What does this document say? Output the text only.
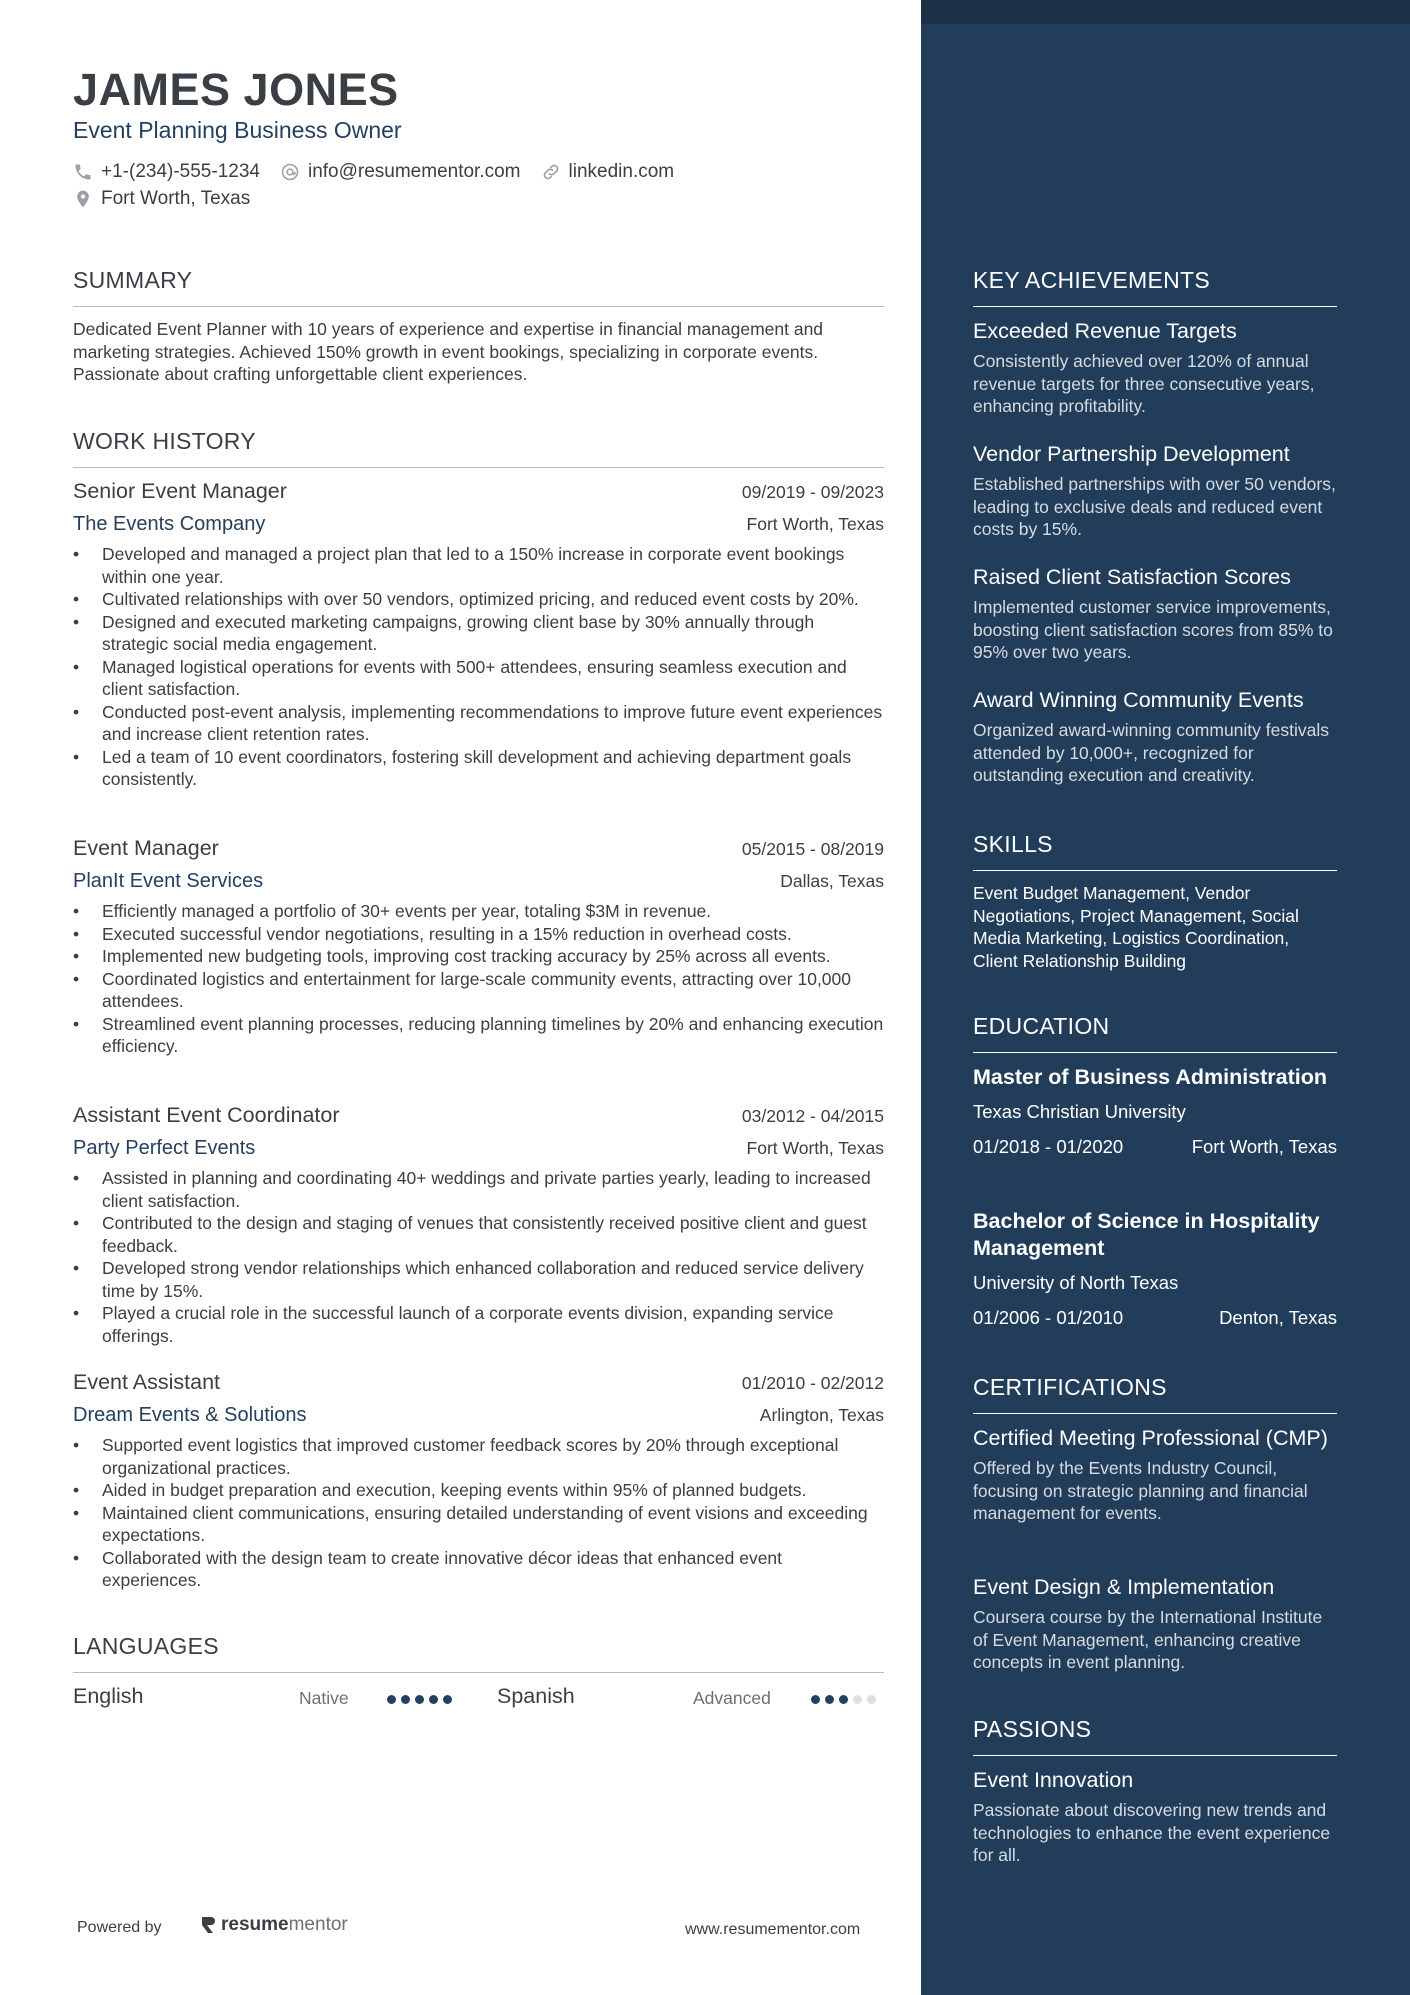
JAMES JONES
Event Planning Business Owner
+1-(234)-555-1234	info@resumementor.com	linkedin.com
Fort Worth, Texas
SUMMARY
Dedicated Event Planner with 10 years of experience and expertise in financial management and marketing strategies. Achieved 150% growth in event bookings, specializing in corporate events. Passionate about crafting unforgettable client experiences.
WORK HISTORY
Senior Event Manager	09/2019 - 09/2023
The Events Company	Fort Worth, Texas
• Developed and managed a project plan that led to a 150% increase in corporate event bookings within one year.
• Cultivated relationships with over 50 vendors, optimized pricing, and reduced event costs by 20%.
• Designed and executed marketing campaigns, growing client base by 30% annually through strategic social media engagement.
• Managed logistical operations for events with 500+ attendees, ensuring seamless execution and client satisfaction.
• Conducted post-event analysis, implementing recommendations to improve future event experiences and increase client retention rates.
• Led a team of 10 event coordinators, fostering skill development and achieving department goals consistently.
Event Manager	05/2015 - 08/2019
PlanIt Event Services	Dallas, Texas
• Efficiently managed a portfolio of 30+ events per year, totaling $3M in revenue.
• Executed successful vendor negotiations, resulting in a 15% reduction in overhead costs.
• Implemented new budgeting tools, improving cost tracking accuracy by 25% across all events.
• Coordinated logistics and entertainment for large-scale community events, attracting over 10,000 attendees.
• Streamlined event planning processes, reducing planning timelines by 20% and enhancing execution efficiency.
Assistant Event Coordinator	03/2012 - 04/2015
Party Perfect Events	Fort Worth, Texas
• Assisted in planning and coordinating 40+ weddings and private parties yearly, leading to increased client satisfaction.
• Contributed to the design and staging of venues that consistently received positive client and guest feedback.
• Developed strong vendor relationships which enhanced collaboration and reduced service delivery time by 15%.
• Played a crucial role in the successful launch of a corporate events division, expanding service offerings.
Event Assistant	01/2010 - 02/2012
Dream Events & Solutions	Arlington, Texas
• Supported event logistics that improved customer feedback scores by 20% through exceptional organizational practices.
• Aided in budget preparation and execution, keeping events within 95% of planned budgets.
• Maintained client communications, ensuring detailed understanding of event visions and exceeding expectations.
• Collaborated with the design team to create innovative décor ideas that enhanced event experiences.
LANGUAGES
English	Native	Spanish	Advanced
Powered by	resume mentor	www.resumementor.com
KEY ACHIEVEMENTS
Exceeded Revenue Targets
Consistently achieved over 120% of annual revenue targets for three consecutive years, enhancing profitability.
Vendor Partnership Development
Established partnerships with over 50 vendors, leading to exclusive deals and reduced event costs by 15%.
Raised Client Satisfaction Scores
Implemented customer service improvements, boosting client satisfaction scores from 85% to 95% over two years.
Award Winning Community Events
Organized award-winning community festivals attended by 10,000+, recognized for outstanding execution and creativity.
SKILLS
Event Budget Management, Vendor Negotiations, Project Management, Social Media Marketing, Logistics Coordination, Client Relationship Building
EDUCATION
Master of Business Administration
Texas Christian University
01/2018 - 01/2020	Fort Worth, Texas
Bachelor of Science in Hospitality Management
University of North Texas
01/2006 - 01/2010	Denton, Texas
CERTIFICATIONS
Certified Meeting Professional (CMP)
Offered by the Events Industry Council, focusing on strategic planning and financial management for events.
Event Design & Implementation
Coursera course by the International Institute of Event Management, enhancing creative concepts in event planning.
PASSIONS
Event Innovation
Passionate about discovering new trends and technologies to enhance the event experience for all.
